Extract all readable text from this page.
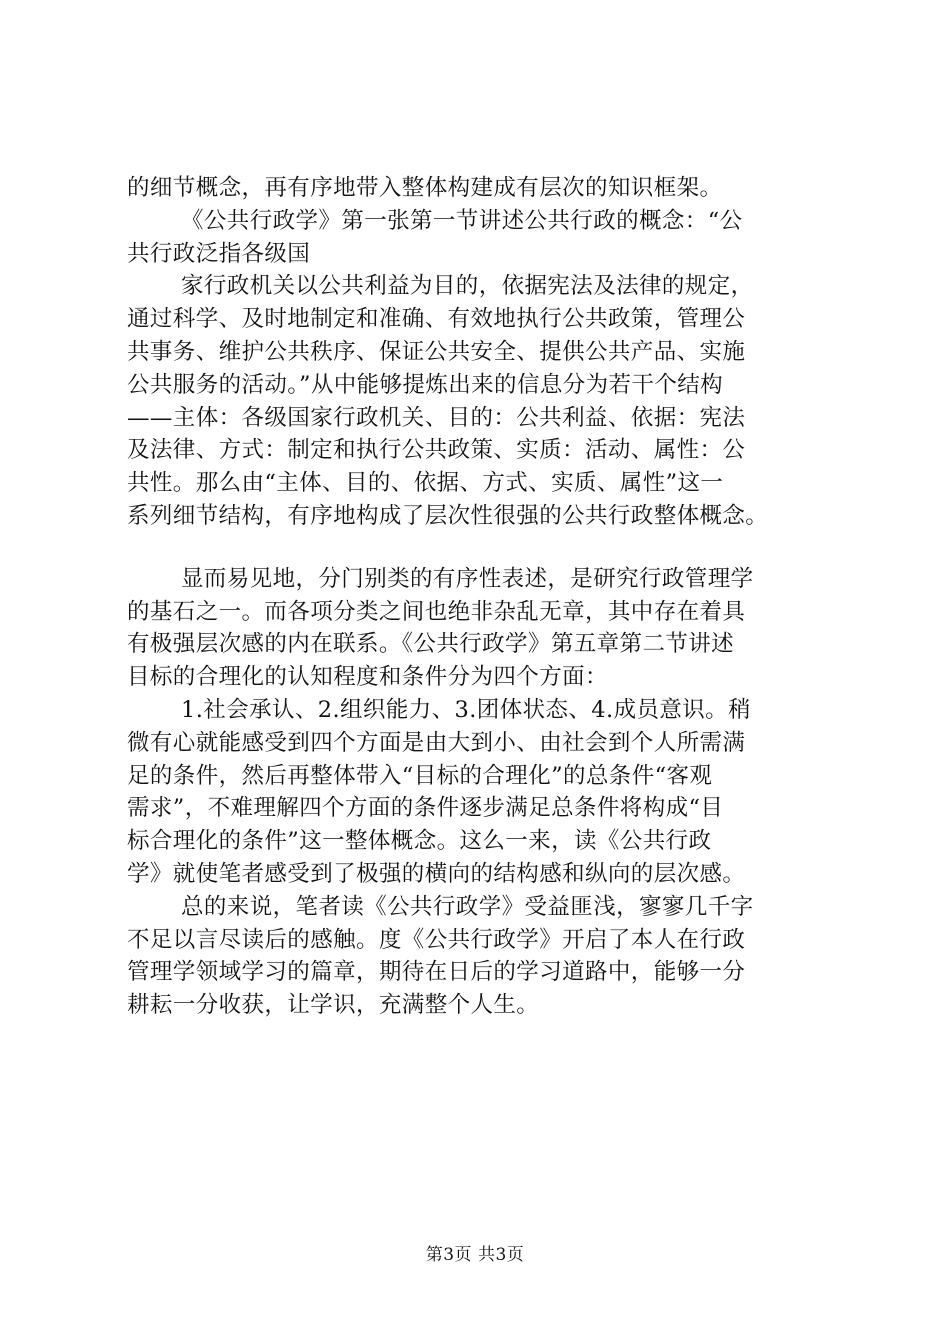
的细节概念，再有序地带入整体构建成有层次的知识框架。
《公共行政学》第一张第一节讲述公共行政的概念：“公
共行政泛指各级国
家行政机关以公共利益为目的，依据宪法及法律的规定，
通过科学、及时地制定和准确、有效地执行公共政策，管理公
共事务、维护公共秩序、保证公共安全、提供公共产品、实施
公共服务的活动。”从中能够提炼出来的信息分为若干个结构
——主体：各级国家行政机关、目的：公共利益、依据：宪法
及法律、方式：制定和执行公共政策、实质：活动、属性：公
共性。那么由“主体、目的、依据、方式、实质、属性”这一
系列细节结构，有序地构成了层次性很强的公共行政整体概念。
显而易见地，分门别类的有序性表述，是研究行政管理学
的基石之一。而各项分类之间也绝非杂乱无章，其中存在着具
有极强层次感的内在联系。《公共行政学》第五章第二节讲述
目标的合理化的认知程度和条件分为四个方面：
1.社会承认、2.组织能力、3.团体状态、4.成员意识。稍
微有心就能感受到四个方面是由大到小、由社会到个人所需满
足的条件，然后再整体带入“目标的合理化”的总条件“客观
需求”，不难理解四个方面的条件逐步满足总条件将构成“目
标合理化的条件”这一整体概念。这么一来，读《公共行政
学》就使笔者感受到了极强的横向的结构感和纵向的层次感。
总的来说，笔者读《公共行政学》受益匪浅，寥寥几千字
不足以言尽读后的感触。度《公共行政学》开启了本人在行政
管理学领域学习的篇章，期待在日后的学习道路中，能够一分
耕耘一分收获，让学识，充满整个人生。
第3页 共3页
